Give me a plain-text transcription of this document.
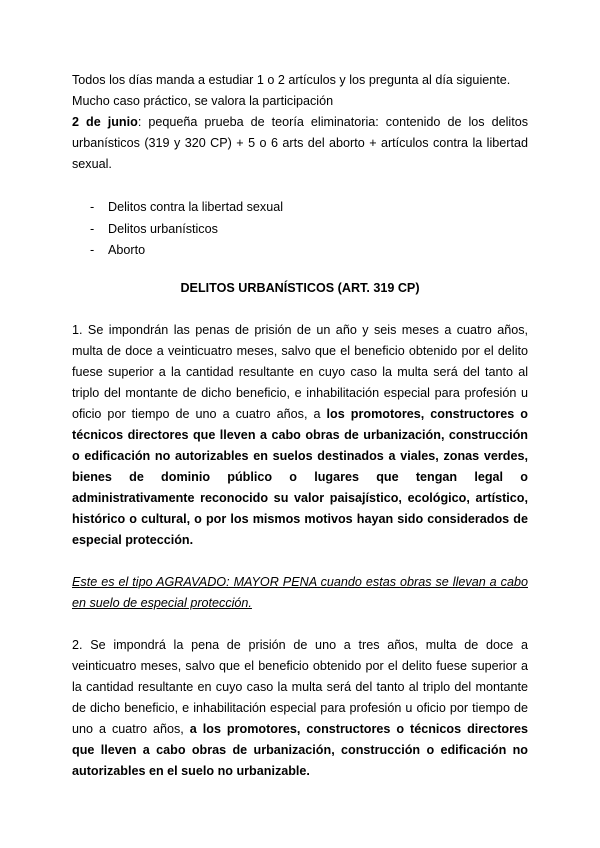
Todos los días manda a estudiar 1 o 2 artículos y los pregunta al día siguiente.
Mucho caso práctico, se valora la participación

2 de junio: pequeña prueba de teoría eliminatoria: contenido de los delitos urbanísticos (319 y 320 CP) + 5 o 6 arts del aborto + artículos contra la libertad sexual.

- Delitos contra la libertad sexual
- Delitos urbanísticos
- Aborto

DELITOS URBANÍSTICOS (ART. 319 CP)

1. Se impondrán las penas de prisión de un año y seis meses a cuatro años, multa de doce a veinticuatro meses, salvo que el beneficio obtenido por el delito fuese superior a la cantidad resultante en cuyo caso la multa será del tanto al triplo del montante de dicho beneficio, e inhabilitación especial para profesión u oficio por tiempo de uno a cuatro años, a los promotores, constructores o técnicos directores que lleven a cabo obras de urbanización, construcción o edificación no autorizables en suelos destinados a viales, zonas verdes, bienes de dominio público o lugares que tengan legal o administrativamente reconocido su valor paisajístico, ecológico, artístico, histórico o cultural, o por los mismos motivos hayan sido considerados de especial protección.

Este es el tipo AGRAVADO: MAYOR PENA cuando estas obras se llevan a cabo en suelo de especial protección.

2. Se impondrá la pena de prisión de uno a tres años, multa de doce a veinticuatro meses, salvo que el beneficio obtenido por el delito fuese superior a la cantidad resultante en cuyo caso la multa será del tanto al triplo del montante de dicho beneficio, e inhabilitación especial para profesión u oficio por tiempo de uno a cuatro años, a los promotores, constructores o técnicos directores que lleven a cabo obras de urbanización, construcción o edificación no autorizables en el suelo no urbanizable.
